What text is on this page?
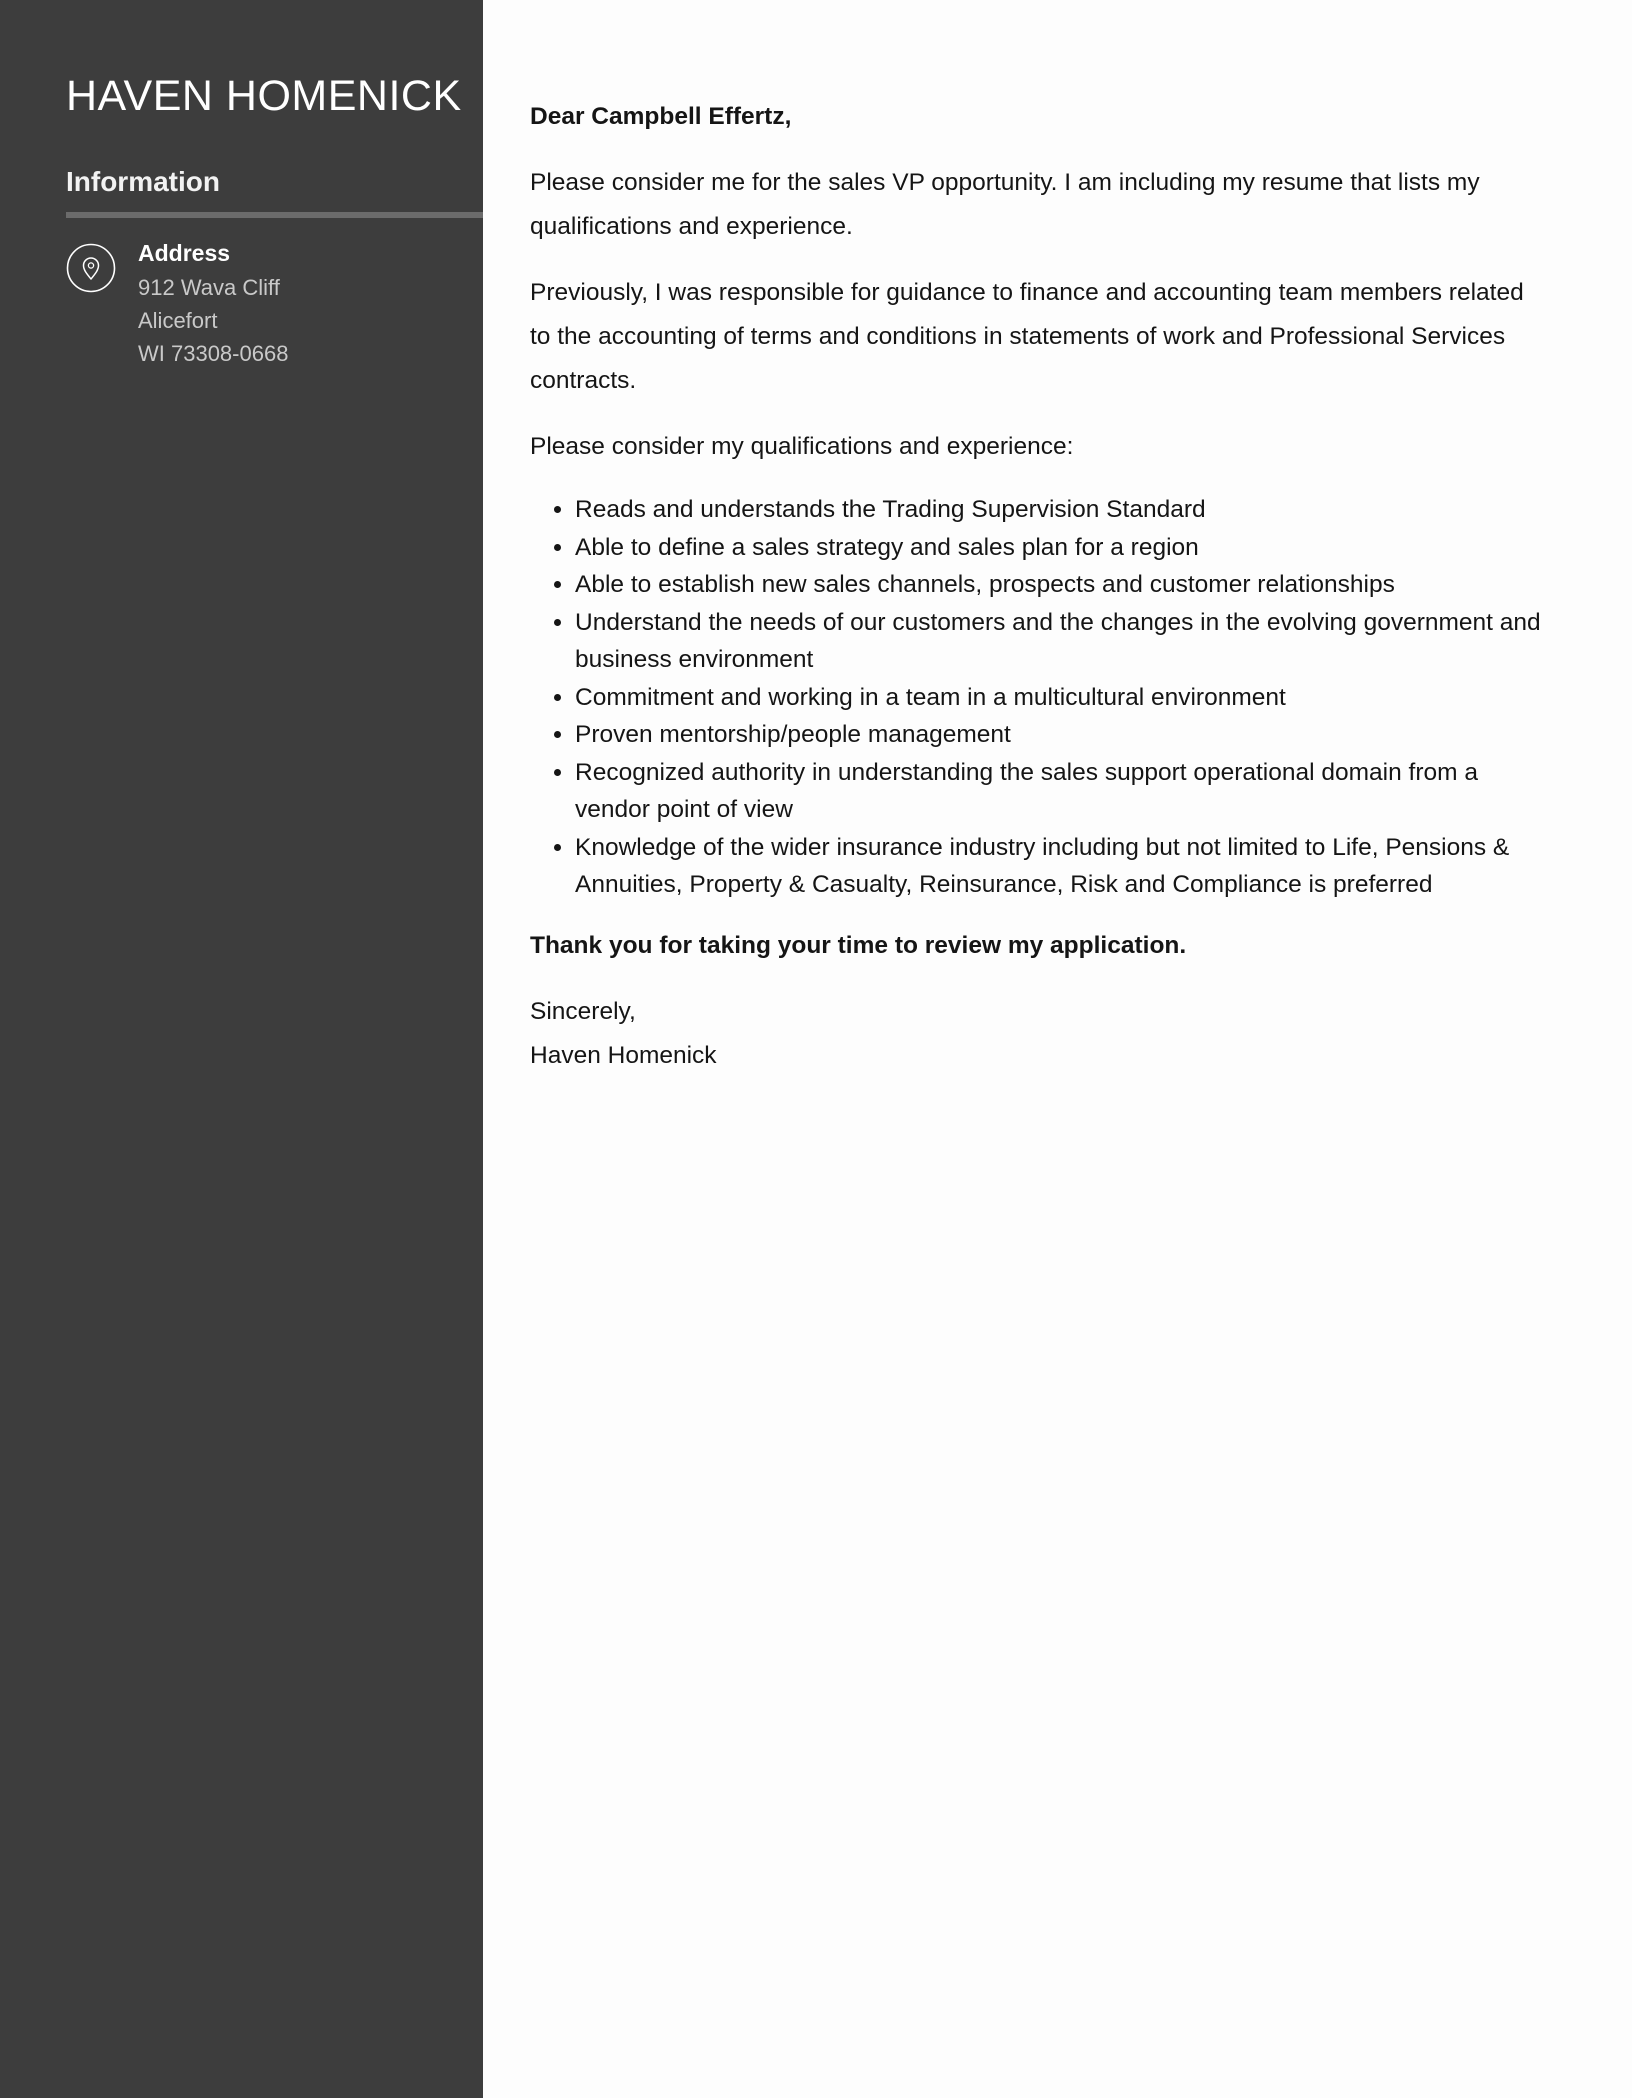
HAVEN HOMENICK
Information
Address
912 Wava Cliff
Alicefort
WI 73308-0668

Dear Campbell Effertz,

Please consider me for the sales VP opportunity. I am including my resume that lists my qualifications and experience.

Previously, I was responsible for guidance to finance and accounting team members related to the accounting of terms and conditions in statements of work and Professional Services contracts.

Please consider my qualifications and experience:

• Reads and understands the Trading Supervision Standard
• Able to define a sales strategy and sales plan for a region
• Able to establish new sales channels, prospects and customer relationships
• Understand the needs of our customers and the changes in the evolving government and business environment
• Commitment and working in a team in a multicultural environment
• Proven mentorship/people management
• Recognized authority in understanding the sales support operational domain from a vendor point of view
• Knowledge of the wider insurance industry including but not limited to Life, Pensions & Annuities, Property & Casualty, Reinsurance, Risk and Compliance is preferred

Thank you for taking your time to review my application.

Sincerely,
Haven Homenick
